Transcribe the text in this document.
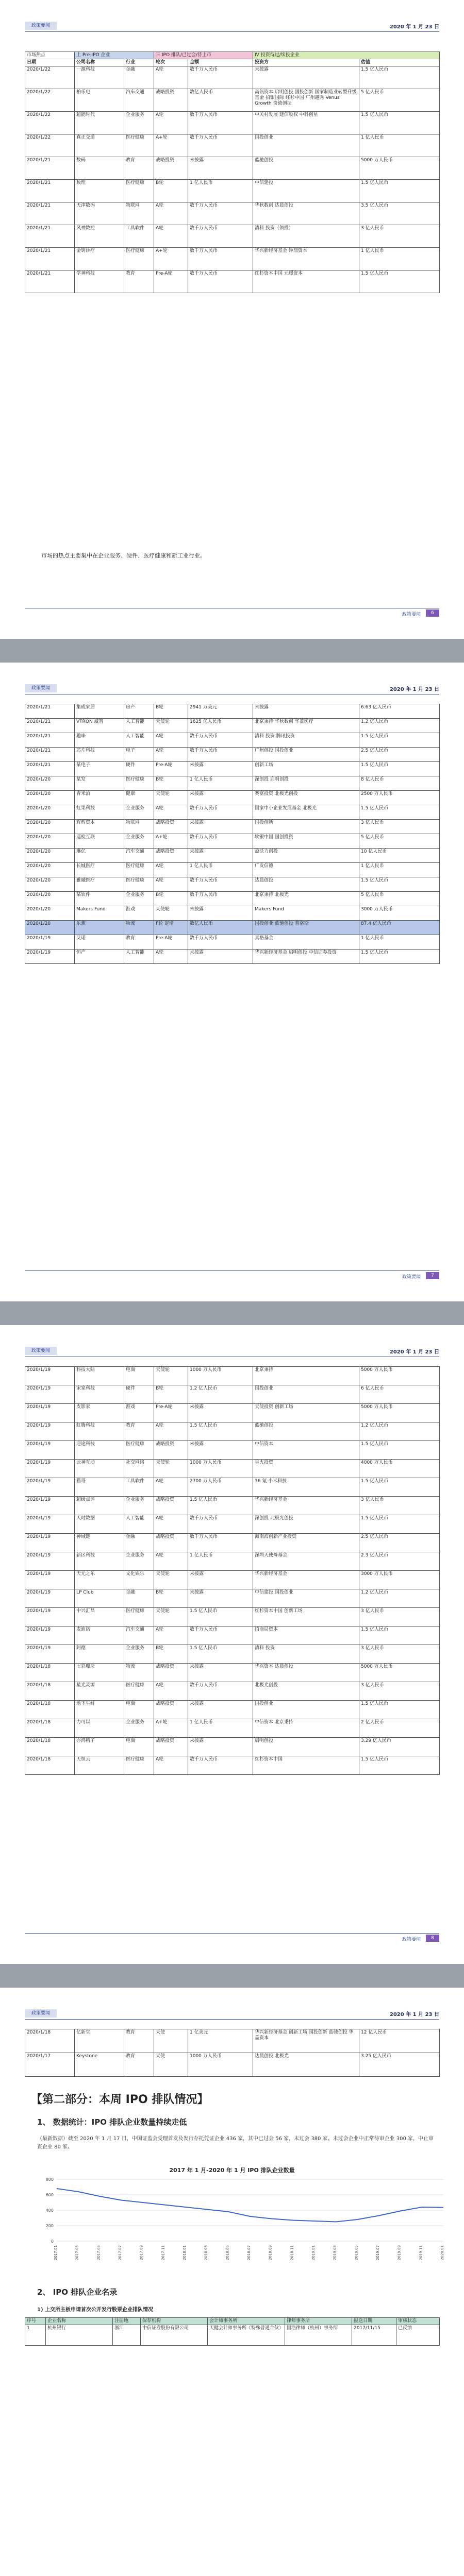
政策要闻	2020 年 1 月 23 日
市场热点	上 Pre-IPO 企业		三 IPO 排队/已过会/待上市		IV 投资待过/续投企业	
日期	公司名称	行业	轮次	金额	投资方	估值
2020/1/22	一源科技	金融	A轮	数千万人民币	未披露	1.5 亿人民币
2020/1/22	柏乐电	汽车交通	战略投资	数亿人民币	高瓴资本 启明创投 国投创新 国家制造业转型升级基金 招银国际 红杉中国 广州越秀 Venus Growth 奇绩创坛	5 亿人民币
2020/1/22	超能时代	企业服务	A轮	数千万人民币	中关村发展 建信股权 中科创星	1.5 亿人民币
2020/1/22	真正交道	医疗健康	A+轮	数千万人民币	国投创业	1 亿人民币
2020/1/21	数码	教育	战略投资	未披露	蓝驰创投	5000 万人民币
2020/1/21	数理	医疗健康	B轮	1 亿人民币	中信建投	1.5 亿人民币
2020/1/21	天津数码	物联网	A轮	数千万人民币	华秋数创 达晨创投	3.5 亿人民币
2020/1/21	风神数控	工具软件	A轮	数千万人民币	清科 投资（领投）	3 亿人民币
2020/1/21	金钥诊疗	医疗健康	A+轮	数千万人民币	华兴新经济基金 钟鼎资本	1 亿人民币
2020/1/21	学神科技	教育	Pre-A轮	数千万人民币	红杉资本中国 元璟资本	1.5 亿人民币
市场的热点主要集中在企业服务、硬件、医疗健康和新工业行业。
政策要闻	6
政策要闻	2020 年 1 月 23 日
2020/1/21	集成家居	房产	B轮	2941 万美元	未披露	6.63 亿人民币
2020/1/21	VTRON 威智	人工智能	天使轮	1625 亿人民币	北京秉持 华秋数创 华盖医疗	1.2 亿人民币
2020/1/21	趣味	人工智能	A轮	数千万人民币	清科 投资 腾讯投资	1.5 亿人民币
2020/1/21	芯片科技	电子	A轮	数千万人民币	广州创投 国投创业	2.5 亿人民币
2020/1/21	某电子	硬件	Pre-A轮	未披露	创新工场	1.5 亿人民币
2020/1/20	某发	医疗健康	B轮	1 亿人民币	深创投 启明创投	8 亿人民币
2020/1/20	青米泊	健康	天使轮	未披露	赛富投资 北极光创投	2500 万人民币
2020/1/20	虹果科技	企业服务	A轮	数千万人民币	国家中小企业发展基金 北极光	1.5 亿人民币
2020/1/20	辉辉资本	物联网	战略投资	未披露	国投创新	3 亿人民币
2020/1/20	巡检互联	企业服务	A+轮	数千万人民币	软银中国 国创投资	5 亿人民币
2020/1/20	琳亿	汽车交通	战略投资	未披露	盈沃力创投	10 亿人民币
2020/1/20	长城医疗	医疗健康	A轮	1 亿人民币	广发信德	1 亿人民币
2020/1/20	雅融医疗	医疗健康	A轮	数千万人民币	达晨创投	1.5 亿人民币
2020/1/20	某软件	企业服务	B轮	数千万人民币	北京秉持 北极光	5 亿人民币
2020/1/20	Makers Fund	游戏	天使轮	未披露	Makers Fund	3000 万人民币
2020/1/20	乐蕉	物流	F轮 定增	数亿人民币	国投创业 蓝驰创投 普洛斯	87.4 亿人民币
2020/1/19	艾诺	教育	Pre-A轮	数千万人民币	真格基金	1 亿人民币
2020/1/19	恒产	人工智能	A轮	未披露	华兴新经济基金 启明创投 中信证券投资	1.5 亿人民币
政策要闻	7
政策要闻	2020 年 1 月 23 日
2020/1/19	科技大陆	电商	天使轮	1000 万人民币	北京秉持	5000 万人民币
2020/1/19	宋家科技	硬件	B轮	1.2 亿人民币	国投创业	6 亿人民币
2020/1/19	皮影家	游戏	Pre-A轮	未披露	天使投资 创新工场	5000 万人民币
2020/1/19	虹腾科技	教育	A轮	1.5 亿人民币	蓝驰创投	1.2 亿人民币
2020/1/19	迎途科技	医疗健康	战略投资	未披露	中信资本	1.5 亿人民币
2020/1/19	云神互动	社交网络	天使轮	1000 万人民币	星火投资	4000 万人民币
2020/1/19	猫哥	工具软件	A轮	2700 万人民币	36 氪 小米科技	1.5 亿人民币
2020/1/19	超级点评	企业服务	战略投资	1.5 亿人民币	华兴新经济基金	3 亿人民币
2020/1/19	天时数据	人工智能	A轮	数千万人民币	深创投 北极光创投	1.5 亿人民币
2020/1/19	神域链	金融	战略投资	数千万人民币	海南海创新产业投资	2.5 亿人民币
2020/1/19	新区科技	企业服务	A轮	1 亿人民币	深圳天使母基金	2.3 亿人民币
2020/1/19	天元之乐	文化娱乐	天使轮	未披露	华兴新经济基金	3000 万人民币
2020/1/19	LP Club	金融	B轮	未披露	中信建投 国投创业	1.2 亿人民币
2020/1/19	中兴汇昌	医疗健康	天使轮	1.5 亿人民币	红杉资本中国 创新工场	3 亿人民币
2020/1/19	麦迪诺	汽车交通	A轮	数千万人民币	招商局资本	1.5 亿人民币
2020/1/19	阿德	企业服务	B轮	1.5 亿人民币	清科 投资	3 亿人民币
2020/1/18	七彩魔块	物流	战略投资	未披露	华兴资本 达晨创投	5000 万人民币
2020/1/18	星光灵源	医疗健康	A轮	数千万人民币	北极光创投	3 亿人民币
2020/1/18	地下生鲜	电商	战略投资	未披露	国投创业	1.5 亿人民币
2020/1/18	力可以	企业服务	A+轮	1 亿人民币	中信资本 北京秉持	2 亿人民币
2020/1/18	亦鸿精子	电商	战略投资	未披露	启明创投	3.29 亿人民币
2020/1/18	天恒云	医疗健康	A轮	数千万人民币	红杉资本中国	1.5 亿人民币
政策要闻	8
政策要闻	2020 年 1 月 23 日
2020/1/18	亿新堂	教育	天使	1 亿美元	华兴新经济基金 创新工场 国投创新 蓝驰创投 华盖资本	12 亿人民币
2020/1/17	Keystone	教育	天使	1000 万人民币	达晨创投 北极光	3.25 亿人民币
【第二部分：本周 IPO 排队情况】
1、 数据统计：IPO 排队企业数量持续走低
（最新数据）截至 2020 年 1 月 17 日，中国证监会受理首发及发行存托凭证企业 436 家，其中已过会 56 家，未过会 380 家。未过会企业中正常待审企业 300 家，中止审查企业 80 家。
2017 年 1 月-2020 年 1 月 IPO 排队企业数量
0
200
400
600
800
2017.01	2017.03	2017.05	2017.07	2017.09	2017.11	2018.01	2018.03	2018.05	2018.07	2018.09	2018.11	2019.01	2019.03	2019.05	2019.07	2019.09	2019.11	2020.01
2、 IPO 排队企业名录
1) 上交所主板申请首次公开发行股票企业排队情况
序号	企业名称	注册地	保荐机构	会计师事务所	律师事务所	报送日期	审核状态
1	杭州银行	浙江	中信证券股份有限公司	天健会计师事务所（特殊普通合伙）	国浩律师（杭州）事务所	2017/11/15	已反馈
